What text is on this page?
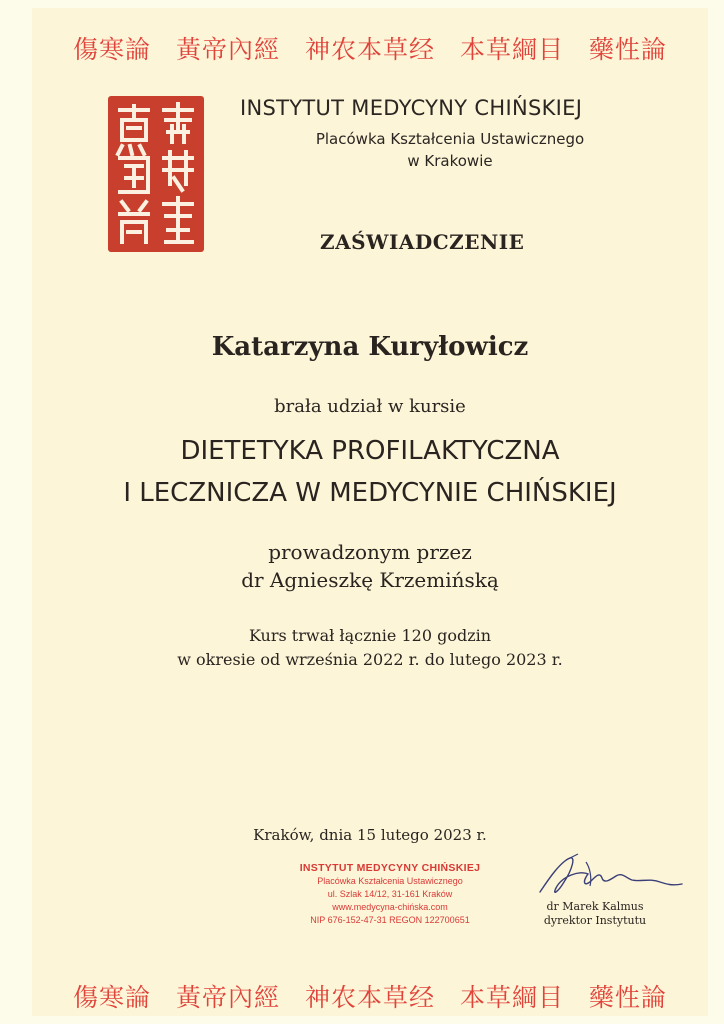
傷寒論 黃帝內經 神农本草经 本草綱目 藥性論
INSTYTUT MEDYCYNY CHIŃSKIEJ
Placówka Kształcenia Ustawicznego
w Krakowie
ZAŚWIADCZENIE
Katarzyna Kuryłowicz
brała udział w kursie
DIETETYKA PROFILAKTYCZNA
I LECZNICZA W MEDYCYNIE CHIŃSKIEJ
prowadzonym przez
dr Agnieszkę Krzemińską
Kurs trwał łącznie 120 godzin
w okresie od września 2022 r. do lutego 2023 r.
Kraków, dnia 15 lutego 2023 r.
INSTYTUT MEDYCYNY CHIŃSKIEJ
Placówka Kształcenia Ustawicznego
ul. Szlak 14/12, 31-161 Kraków
www.medycyna-chińska.com
NIP 676-152-47-31 REGON 122700651
dr Marek Kalmus
dyrektor Instytutu
傷寒論 黃帝內經 神农本草经 本草綱目 藥性論
